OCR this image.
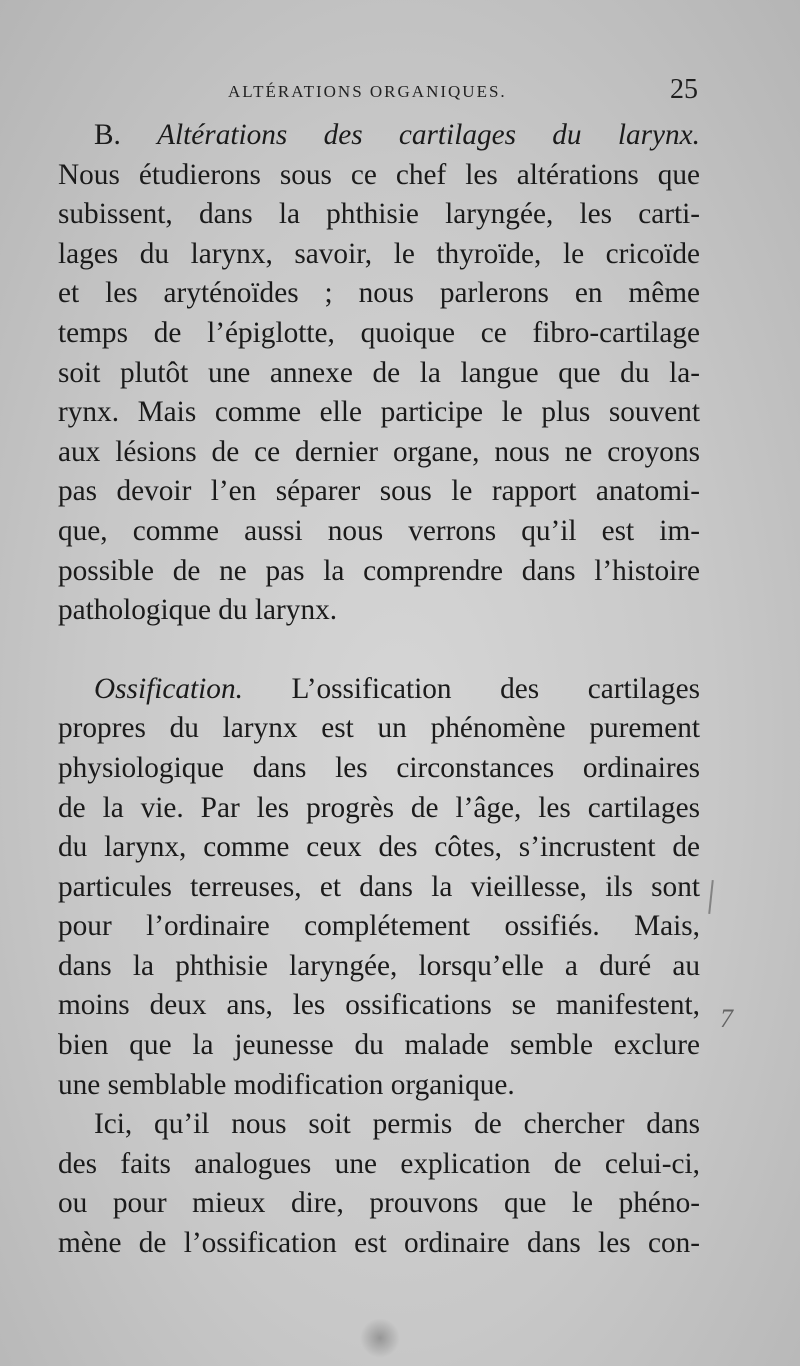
ALTÉRATIONS ORGANIQUES.	25
B. Altérations des cartilages du larynx.
Nous étudierons sous ce chef les altérations que
subissent, dans la phthisie laryngée, les carti-
lages du larynx, savoir, le thyroïde, le cricoïde
et les aryténoïdes ; nous parlerons en même
temps de l’épiglotte, quoique ce fibro-cartilage
soit plutôt une annexe de la langue que du la-
rynx. Mais comme elle participe le plus souvent
aux lésions de ce dernier organe, nous ne croyons
pas devoir l’en séparer sous le rapport anatomi-
que, comme aussi nous verrons qu’il est im-
possible de ne pas la comprendre dans l’histoire
pathologique du larynx.
Ossification. L’ossification des cartilages
propres du larynx est un phénomène purement
physiologique dans les circonstances ordinaires
de la vie. Par les progrès de l’âge, les cartilages
du larynx, comme ceux des côtes, s’incrustent de
particules terreuses, et dans la vieillesse, ils sont
pour l’ordinaire complétement ossifiés. Mais,
dans la phthisie laryngée, lorsqu’elle a duré au
moins deux ans, les ossifications se manifestent,
bien que la jeunesse du malade semble exclure
une semblable modification organique.
Ici, qu’il nous soit permis de chercher dans
des faits analogues une explication de celui-ci,
ou pour mieux dire, prouvons que le phéno-
mène de l’ossification est ordinaire dans les con-
7
